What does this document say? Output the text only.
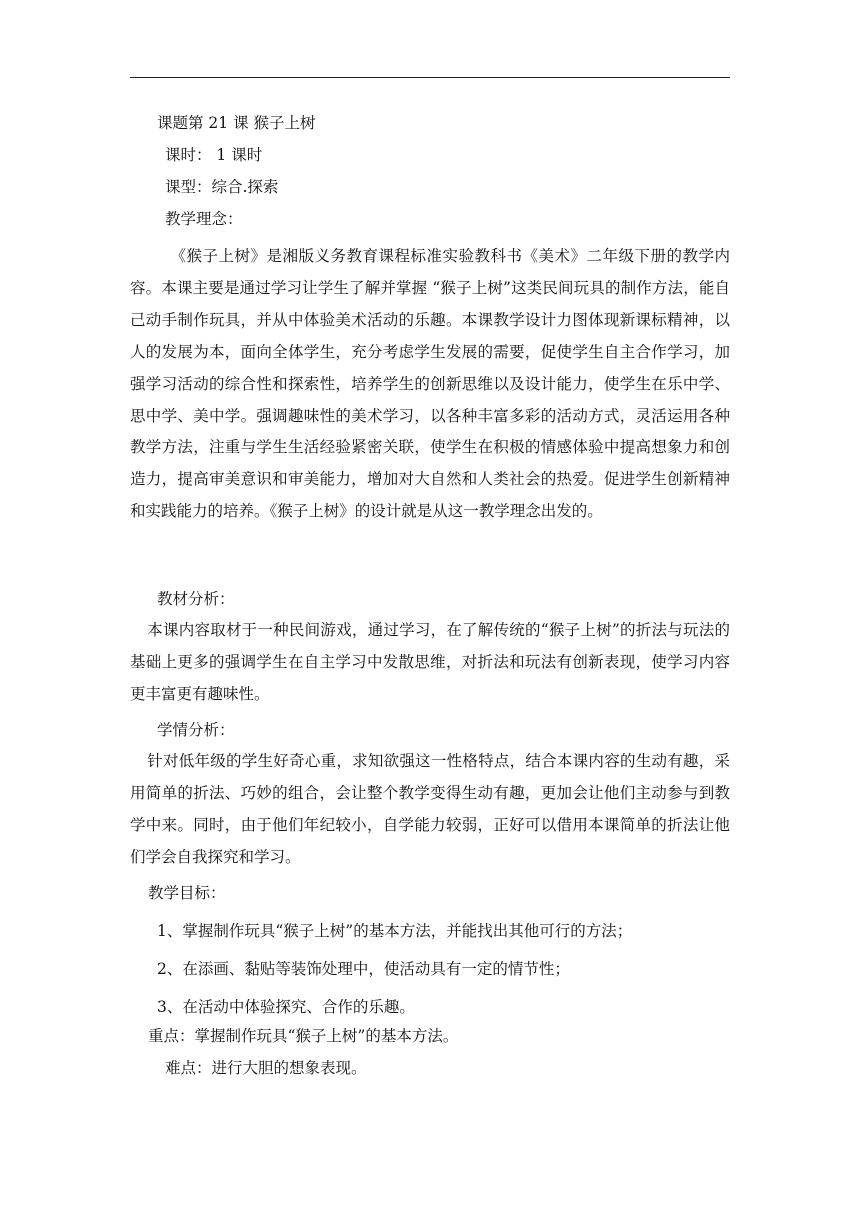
课题第 21 课 猴子上树
课时： 1 课时
课型：综合.探索
教学理念：
《猴子上树》是湘版义务教育课程标准实验教科书《美术》二年级下册的教学内容。本课主要是通过学习让学生了解并掌握 “猴子上树”这类民间玩具的制作方法，能自己动手制作玩具，并从中体验美术活动的乐趣。本课教学设计力图体现新课标精神，以人的发展为本，面向全体学生，充分考虑学生发展的需要，促使学生自主合作学习，加强学习活动的综合性和探索性，培养学生的创新思维以及设计能力，使学生在乐中学、思中学、美中学。强调趣味性的美术学习，以各种丰富多彩的活动方式，灵活运用各种教学方法，注重与学生生活经验紧密关联，使学生在积极的情感体验中提高想象力和创造力，提高审美意识和审美能力，增加对大自然和人类社会的热爱。促进学生创新精神和实践能力的培养。《猴子上树》的设计就是从这一教学理念出发的。
教材分析：
本课内容取材于一种民间游戏，通过学习，在了解传统的“猴子上树”的折法与玩法的基础上更多的强调学生在自主学习中发散思维，对折法和玩法有创新表现，使学习内容更丰富更有趣味性。
学情分析：
针对低年级的学生好奇心重，求知欲强这一性格特点，结合本课内容的生动有趣，采用简单的折法、巧妙的组合，会让整个教学变得生动有趣，更加会让他们主动参与到教学中来。同时，由于他们年纪较小，自学能力较弱，正好可以借用本课简单的折法让他们学会自我探究和学习。
教学目标：
1、掌握制作玩具“猴子上树”的基本方法，并能找出其他可行的方法；
2、在添画、黏贴等装饰处理中，使活动具有一定的情节性；
3、在活动中体验探究、合作的乐趣。
重点：掌握制作玩具“猴子上树”的基本方法。
难点：进行大胆的想象表现。
